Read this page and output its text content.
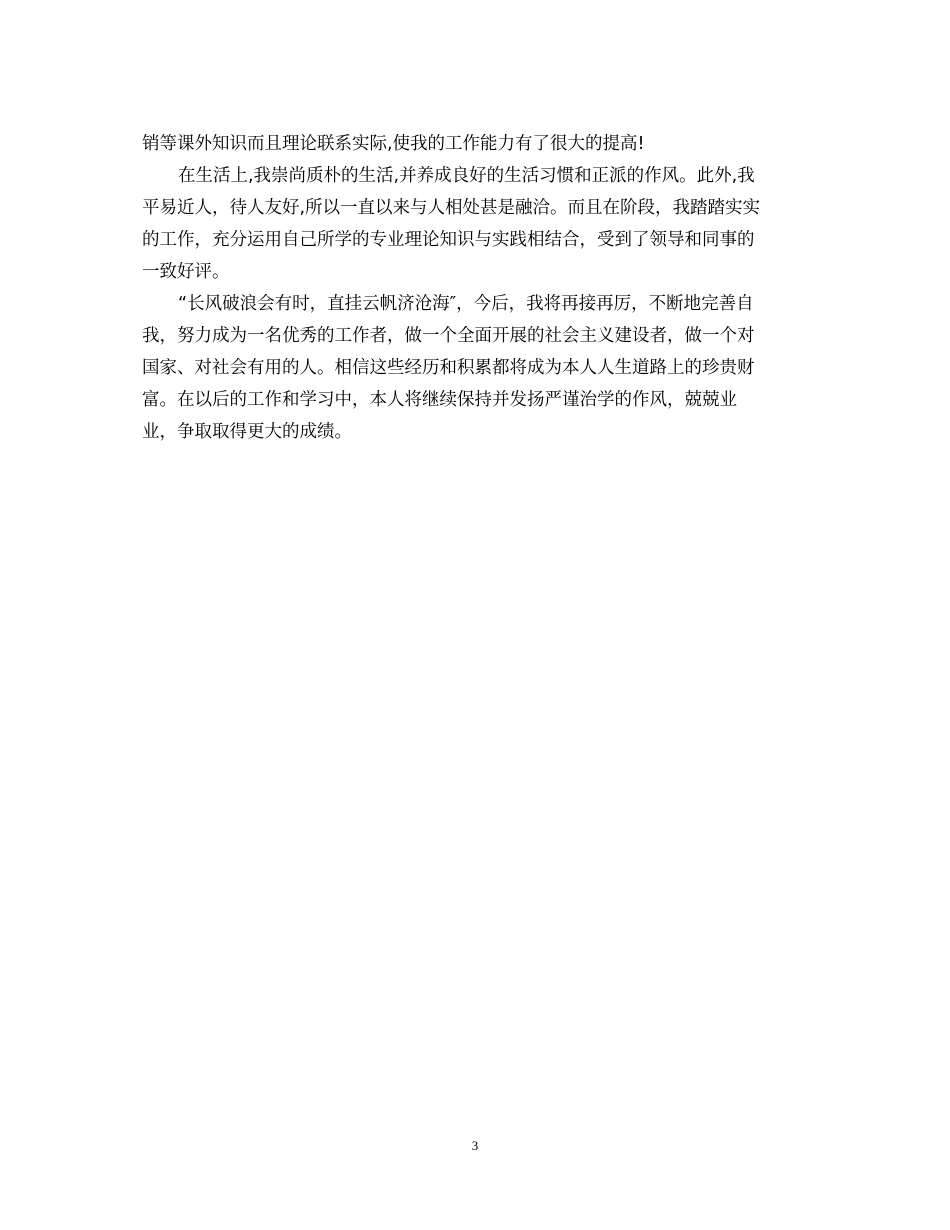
销等课外知识而且理论联系实际,使我的工作能力有了很大的提高!
在生活上,我崇尚质朴的生活,并养成良好的生活习惯和正派的作风。此外,我
平易近人，待人友好,所以一直以来与人相处甚是融洽。而且在阶段，我踏踏实实
的工作，充分运用自己所学的专业理论知识与实践相结合，受到了领导和同事的
一致好评。
“长风破浪会有时，直挂云帆济沧海″，今后，我将再接再厉，不断地完善自
我，努力成为一名优秀的工作者，做一个全面开展的社会主义建设者，做一个对
国家、对社会有用的人。相信这些经历和积累都将成为本人人生道路上的珍贵财
富。在以后的工作和学习中，本人将继续保持并发扬严谨治学的作风，兢兢业
业，争取取得更大的成绩。
3
